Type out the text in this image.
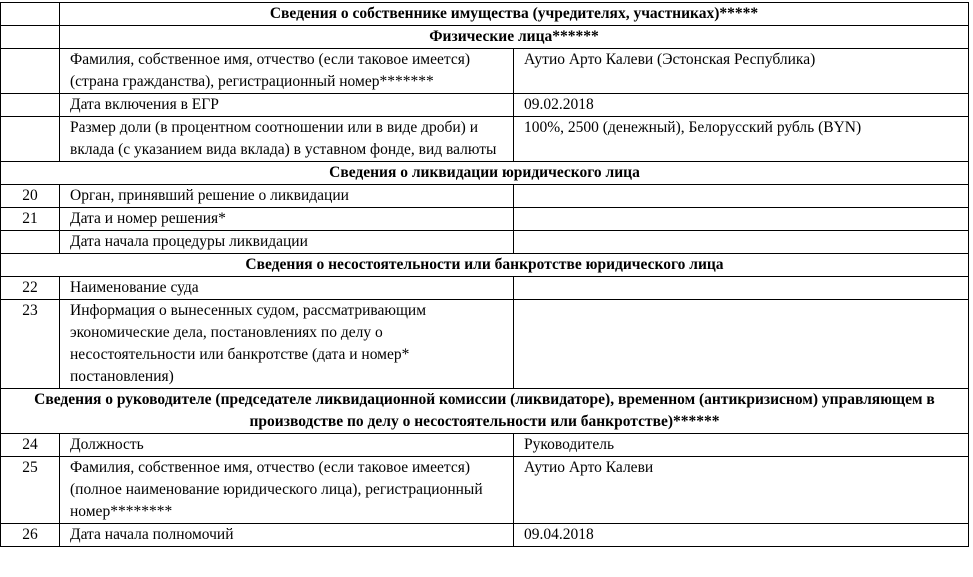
	Сведения о собственнике имущества (учредителях, участниках)*****	
	Физические лица******	
	Фамилия, собственное имя, отчество (если таковое имеется) (страна гражданства), регистрационный номер*******	Аутио Арто Калеви (Эстонская Республика)
	Дата включения в ЕГР	09.02.2018
	Размер доли (в процентном соотношении или в виде дроби) и вклада (с указанием вида вклада) в уставном фонде, вид валюты	100%, 2500 (денежный), Белорусский рубль (BYN)
Сведения о ликвидации юридического лица		
20	Орган, принявший решение о ликвидации	
21	Дата и номер решения*	
	Дата начала процедуры ликвидации	
Сведения о несостоятельности или банкротстве юридического лица		
22	Наименование суда	
23	Информация о вынесенных судом, рассматривающим экономические дела, постановлениях по делу о несостоятельности или банкротстве (дата и номер* постановления)	
Сведения о руководителе (председателе ликвидационной комиссии (ликвидаторе), временном (антикризисном) управляющем в производстве по делу о несостоятельности или банкротстве)******		
24	Должность	Руководитель
25	Фамилия, собственное имя, отчество (если таковое имеется) (полное наименование юридического лица), регистрационный номер********	Аутио Арто Калеви
26	Дата начала полномочий	09.04.2018
